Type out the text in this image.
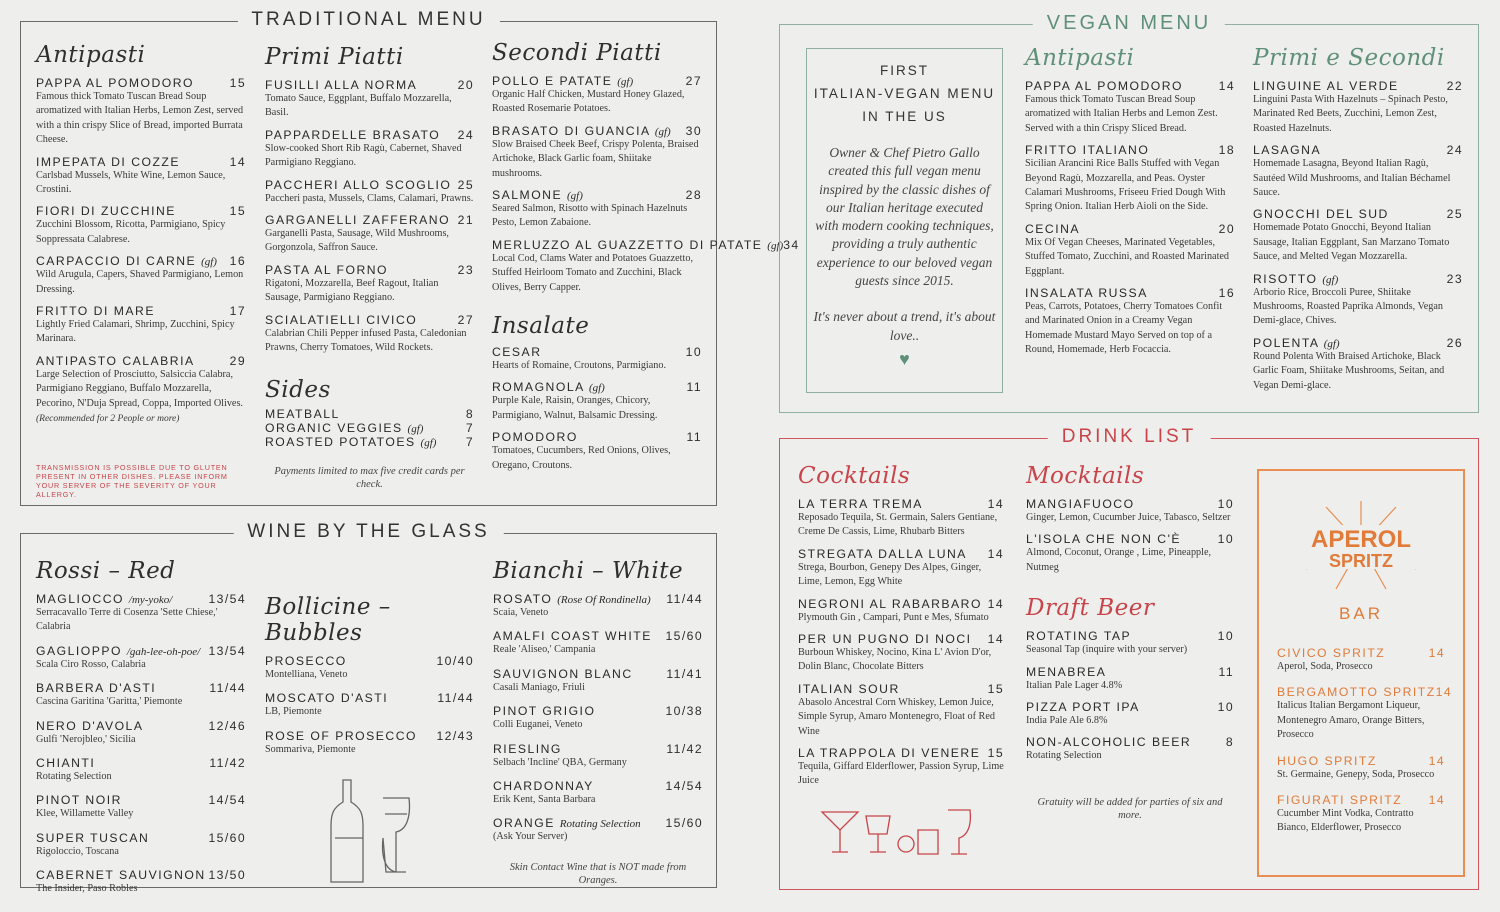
TRADITIONAL MENU
Antipasti
PAPPA AL POMODORO	15
Famous thick Tomato Tuscan Bread Soup aromatized with Italian Herbs, Lemon Zest, served with a thin crispy Slice of Bread, imported Burrata Cheese.
IMPEPATA DI COZZE	14
Carlsbad Mussels, White Wine, Lemon Sauce, Crostini.
FIORI DI ZUCCHINE	15
Zucchini Blossom, Ricotta, Parmigiano, Spicy Soppressata Calabrese.
CARPACCIO DI CARNE (gf) 16
Wild Arugula, Capers, Shaved Parmigiano, Lemon Dressing.
FRITTO DI MARE	17
Lightly Fried Calamari, Shrimp, Zucchini, Spicy Marinara.
ANTIPASTO CALABRIA	29
Large Selection of Prosciutto, Salsiccia Calabra, Parmigiano Reggiano, Buffalo Mozzarella, Pecorino, N'Duja Spread, Coppa, Imported Olives.
(Recommended for 2 People or more)
TRANSMISSION IS POSSIBLE DUE TO GLUTEN PRESENT IN OTHER DISHES. PLEASE INFORM YOUR SERVER OF THE SEVERITY OF YOUR ALLERGY.
Primi Piatti
FUSILLI ALLA NORMA	20
Tomato Sauce, Eggplant, Buffalo Mozzarella, Basil.
PAPPARDELLE BRASATO 24
Slow-cooked Short Rib Ragù, Cabernet, Shaved Parmigiano Reggiano.
PACCHERI ALLO SCOGLIO 25
Paccheri pasta, Mussels, Clams, Calamari, Prawns.
GARGANELLI ZAFFERANO 21
Garganelli Pasta, Sausage, Wild Mushrooms, Gorgonzola, Saffron Sauce.
PASTA AL FORNO	23
Rigatoni, Mozzarella, Beef Ragout, Italian Sausage, Parmigiano Reggiano.
SCIALATIELLI CIVICO	27
Calabrian Chili Pepper infused Pasta, Caledonian Prawns, Cherry Tomatoes, Wild Rockets.
Sides
MEATBALL	8
ORGANIC VEGGIES (gf)	7
ROASTED POTATOES (gf) 7
Payments limited to max five credit cards per check.
Secondi Piatti
POLLO E PATATE (gf)	27
Organic Half Chicken, Mustard Honey Glazed, Roasted Rosemarie Potatoes.
BRASATO DI GUANCIA (gf) 30
Slow Braised Cheek Beef, Crispy Polenta, Braised Artichoke, Black Garlic foam, Shiitake mushrooms.
SALMONE (gf)	28
Seared Salmon, Risotto with Spinach Hazelnuts Pesto, Lemon Zabaione.
MERLUZZO AL GUAZZETTO DI PATATE (gf) 34
Local Cod, Clams Water and Potatoes Guazzetto, Stuffed Heirloom Tomato and Zucchini, Black Olives, Berry Capper.
Insalate
CESAR	10
Hearts of Romaine, Croutons, Parmigiano.
ROMAGNOLA (gf)	11
Purple Kale, Raisin, Oranges, Chicory, Parmigiano, Walnut, Balsamic Dressing.
POMODORO	11
Tomatoes, Cucumbers, Red Onions, Olives, Oregano, Croutons.
WINE BY THE GLASS
Rossi – Red
MAGLIOCCO /my-yoko/	13/54
Serracavallo Terre di Cosenza 'Sette Chiese,' Calabria
GAGLIOPPO /gah-lee-oh-poe/ 13/54
Scala Ciro Rosso, Calabria
BARBERA D'ASTI	11/44
Cascina Garitina 'Garitta,' Piemonte
NERO D'AVOLA	12/46
Gulfi 'Nerojbleo,' Sicilia
CHIANTI	11/42
Rotating Selection
PINOT NOIR	14/54
Klee, Willamette Valley
SUPER TUSCAN	15/60
Rigoloccio, Toscana
CABERNET SAUVIGNON 13/50
The Insider, Paso Robles
Bollicine – Bubbles
PROSECCO	10/40
Montelliana, Veneto
MOSCATO D'ASTI	11/44
LB, Piemonte
ROSE OF PROSECCO 12/43
Sommariva, Piemonte
Bianchi – White
ROSATO (Rose Of Rondinella) 11/44
Scaia, Veneto
AMALFI COAST WHITE 15/60
Reale 'Aliseo,' Campania
SAUVIGNON BLANC	11/41
Casali Maniago, Friuli
PINOT GRIGIO	10/38
Colli Euganei, Veneto
RIESLING	11/42
Selbach 'Incline' QBA, Germany
CHARDONNAY	14/54
Erik Kent, Santa Barbara
ORANGE Rotating Selection 15/60
(Ask Your Server)
Skin Contact Wine that is NOT made from Oranges.
VEGAN MENU
FIRST
ITALIAN-VEGAN MENU
IN THE US
Owner & Chef Pietro Gallo created this full vegan menu inspired by the classic dishes of our Italian heritage executed with modern cooking techniques, providing a truly authentic experience to our beloved vegan guests since 2015.
It's never about a trend, it's about love..
♥
Antipasti
PAPPA AL POMODORO	14
Famous thick Tomato Tuscan Bread Soup aromatized with Italian Herbs and Lemon Zest. Served with a thin Crispy Sliced Bread.
FRITTO ITALIANO	18
Sicilian Arancini Rice Balls Stuffed with Vegan Beyond Ragù, Mozzarella, and Peas. Oyster Calamari Mushrooms, Friseeu Fried Dough With Spring Onion. Italian Herb Aioli on the Side.
CECINA	20
Mix Of Vegan Cheeses, Marinated Vegetables, Stuffed Tomato, Zucchini, and Roasted Marinated Eggplant.
INSALATA RUSSA	16
Peas, Carrots, Potatoes, Cherry Tomatoes Confit and Marinated Onion in a Creamy Vegan Homemade Mustard Mayo Served on top of a Round, Homemade, Herb Focaccia.
Primi e Secondi
LINGUINE AL VERDE	22
Linguini Pasta With Hazelnuts – Spinach Pesto, Marinated Red Beets, Zucchini, Lemon Zest, Roasted Hazelnuts.
LASAGNA	24
Homemade Lasagna, Beyond Italian Ragù, Sautéed Wild Mushrooms, and Italian Béchamel Sauce.
GNOCCHI DEL SUD	25
Homemade Potato Gnocchi, Beyond Italian Sausage, Italian Eggplant, San Marzano Tomato Sauce, and Melted Vegan Mozzarella.
RISOTTO (gf)	23
Arborio Rice, Broccoli Puree, Shiitake Mushrooms, Roasted Paprika Almonds, Vegan Demi-glace, Chives.
POLENTA (gf)	26
Round Polenta With Braised Artichoke, Black Garlic Foam, Shiitake Mushrooms, Seitan, and Vegan Demi-glace.
DRINK LIST
Cocktails
LA TERRA TREMA	14
Reposado Tequila, St. Germain, Salers Gentiane, Creme De Cassis, Lime, Rhubarb Bitters
STREGATA DALLA LUNA 14
Strega, Bourbon, Genepy Des Alpes, Ginger, Lime, Lemon, Egg White
NEGRONI AL RABARBARO 14
Plymouth Gin , Campari, Punt e Mes, Sfumato
PER UN PUGNO DI NOCI 14
Burboun Whiskey, Nocino, Kina L' Avion D'or, Dolin Blanc, Chocolate Bitters
ITALIAN SOUR	15
Abasolo Ancestral Corn Whiskey, Lemon Juice, Simple Syrup, Amaro Montenegro, Float of Red Wine
LA TRAPPOLA DI VENERE 15
Tequila, Giffard Elderflower, Passion Syrup, Lime Juice
Mocktails
MANGIAFUOCO	10
Ginger, Lemon, Cucumber Juice, Tabasco, Seltzer
L'ISOLA CHE NON C'È	10
Almond, Coconut, Orange , Lime, Pineapple, Nutmeg
Draft Beer
ROTATING TAP	10
Seasonal Tap (inquire with your server)
MENABREA	11
Italian Pale Lager 4.8%
PIZZA PORT IPA	10
India Pale Ale 6.8%
NON-ALCOHOLIC BEER	8
Rotating Selection
Gratuity will be added for parties of six and more.
APEROL
SPRITZ
BAR
CIVICO SPRITZ	14
Aperol, Soda, Prosecco
BERGAMOTTO SPRITZ 14
Italicus Italian Bergamont Liqueur, Montenegro Amaro, Orange Bitters, Prosecco
HUGO SPRITZ	14
St. Germaine, Genepy, Soda, Prosecco
FIGURATI SPRITZ 14
Cucumber Mint Vodka, Contratto Bianco, Elderflower, Prosecco
